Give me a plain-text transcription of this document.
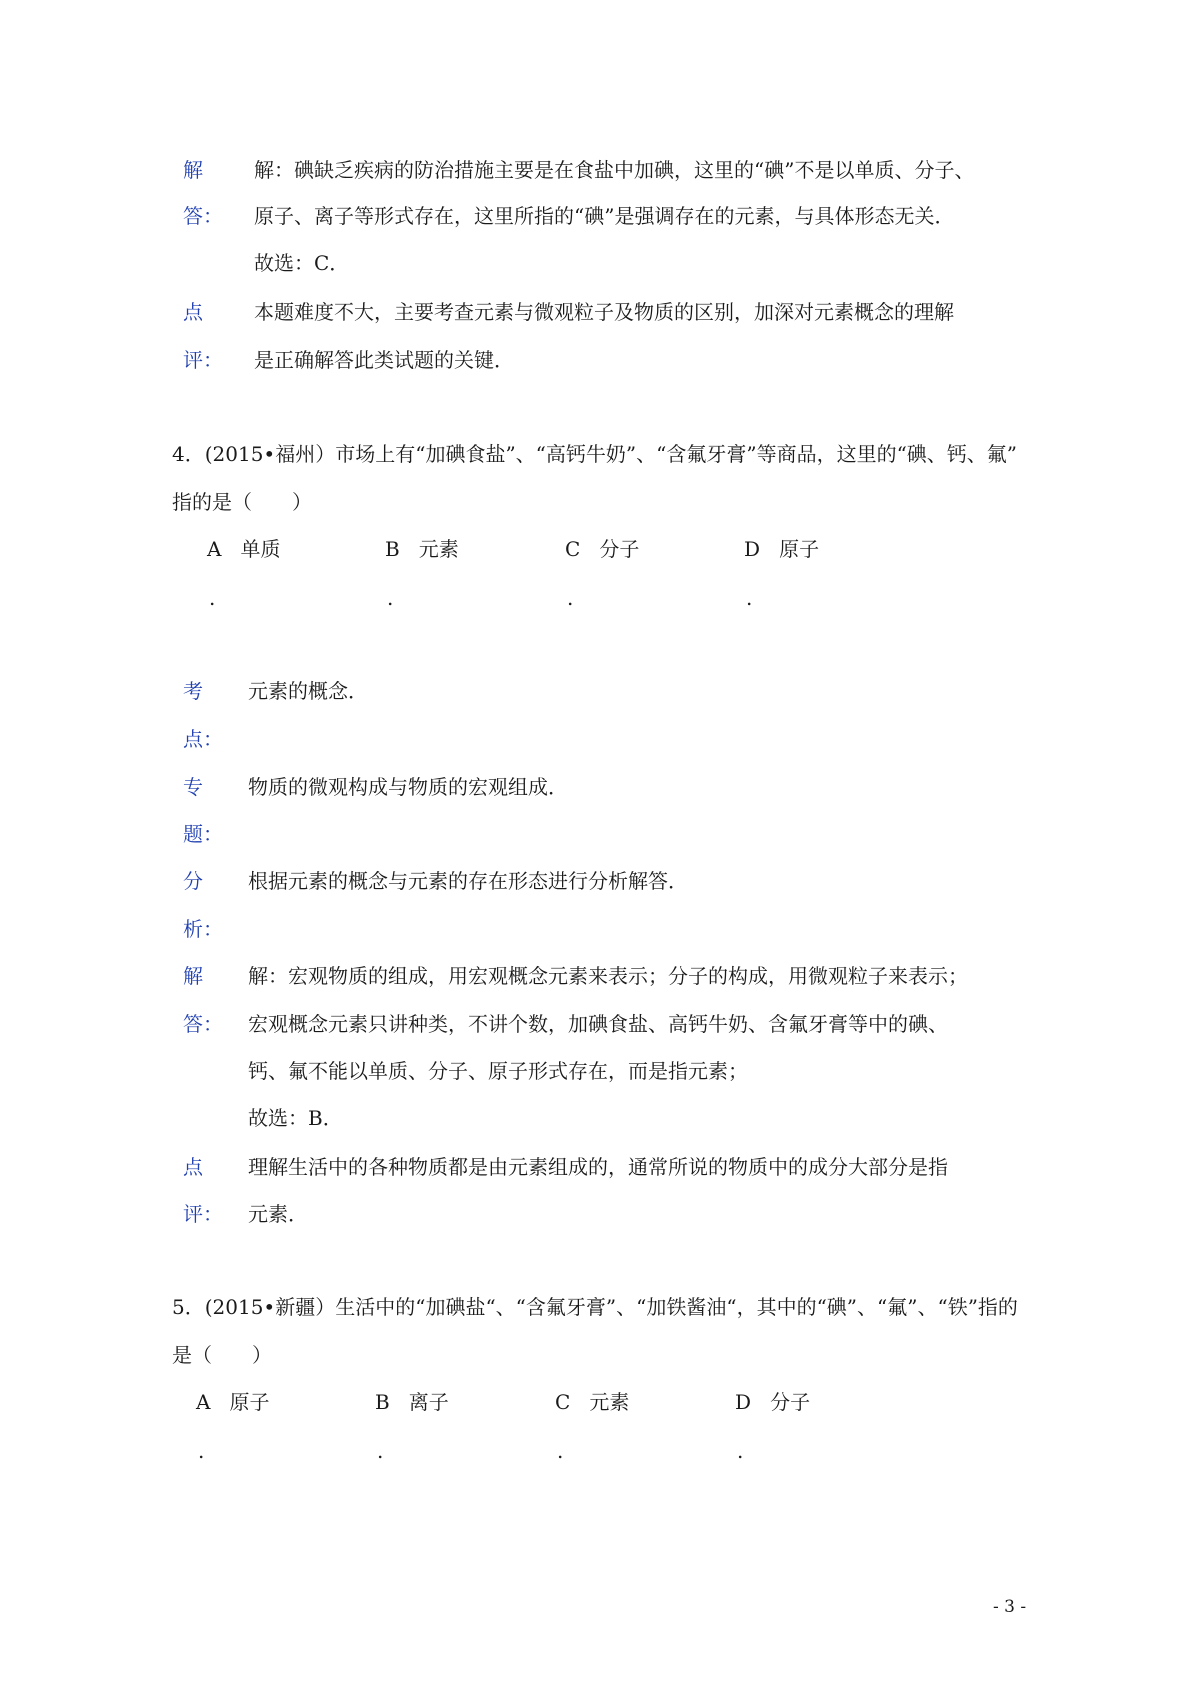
解
答：
解：碘缺乏疾病的防治措施主要是在食盐中加碘，这里的“碘”不是以单质、分子、
原子、离子等形式存在，这里所指的“碘”是强调存在的元素，与具体形态无关．
故选：C．
点
评：
本题难度不大，主要考查元素与微观粒子及物质的区别，加深对元素概念的理解
是正确解答此类试题的关键．
4．(2015•福州）市场上有“加碘食盐”、“高钙牛奶”、“含氟牙膏”等商品，这里的“碘、钙、氟”
指的是（　　）
A 单质	B 元素	C 分子	D 原子
.	.	.	.
考
点：
元素的概念．
专
题：
物质的微观构成与物质的宏观组成．
分
析：
根据元素的概念与元素的存在形态进行分析解答．
解
答：
解：宏观物质的组成，用宏观概念元素来表示；分子的构成，用微观粒子来表示；
宏观概念元素只讲种类，不讲个数，加碘食盐、高钙牛奶、含氟牙膏等中的碘、
钙、氟不能以单质、分子、原子形式存在，而是指元素；
故选：B．
点
评：
理解生活中的各种物质都是由元素组成的，通常所说的物质中的成分大部分是指
元素．
5．(2015•新疆）生活中的“加碘盐“、“含氟牙膏”、“加铁酱油“，其中的“碘”、“氟”、“铁”指的
是（　　）
A 原子	B 离子	C 元素	D 分子
.	.	.	.
- 3 -
